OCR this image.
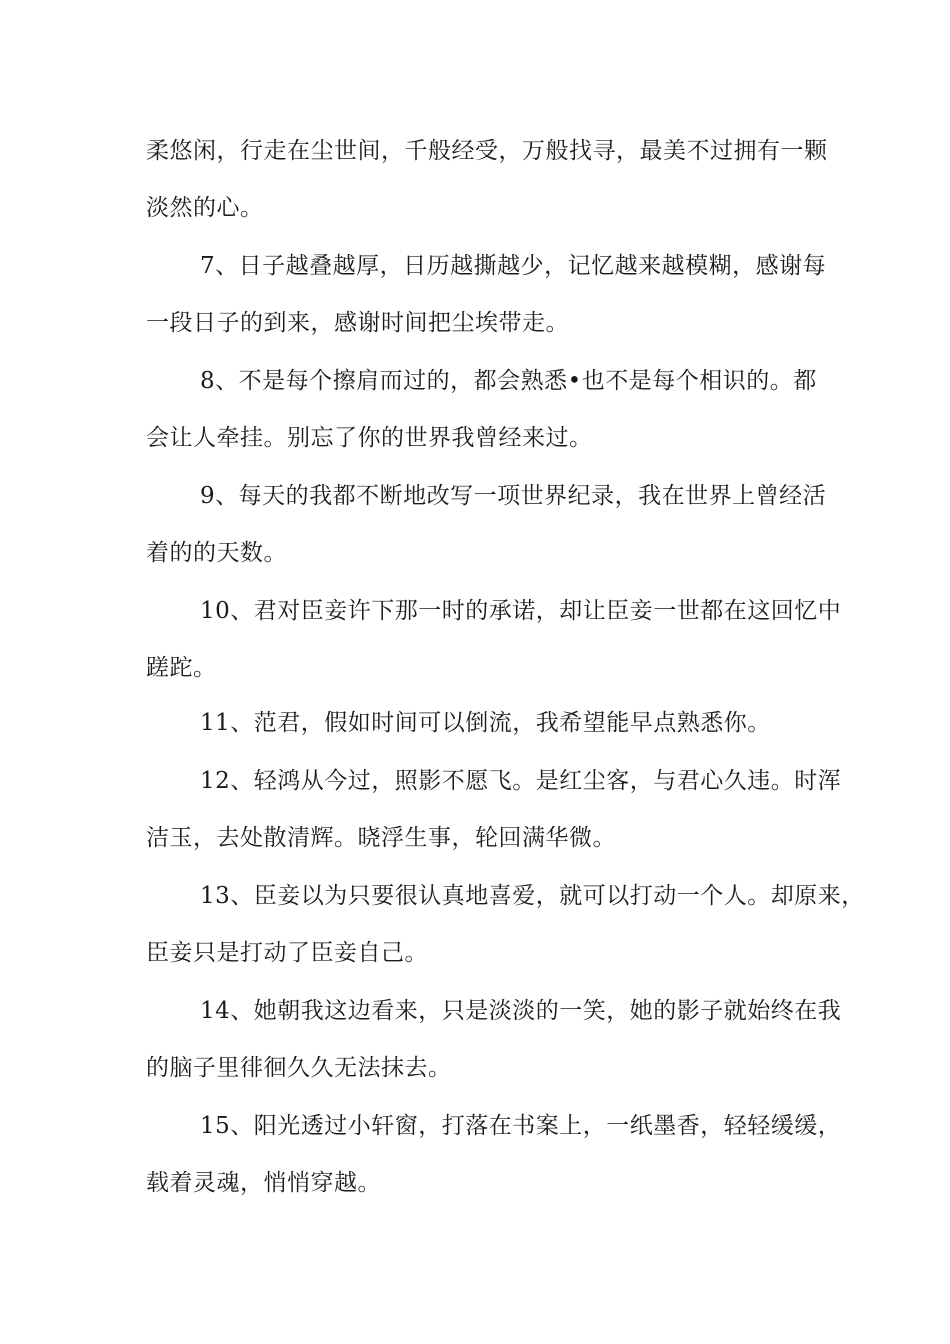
柔悠闲，行走在尘世间，千般经受，万般找寻，最美不过拥有一颗

淡然的心。

7、日子越叠越厚，日历越撕越少，记忆越来越模糊，感谢每

一段日子的到来，感谢时间把尘埃带走。

8、不是每个擦肩而过的，都会熟悉•也不是每个相识的。都

会让人牵挂。别忘了你的世界我曾经来过。

9、每天的我都不断地改写一项世界纪录，我在世界上曾经活

着的的天数。

10、君对臣妾许下那一时的承诺，却让臣妾一世都在这回忆中

蹉跎。

11、范君，假如时间可以倒流，我希望能早点熟悉你。

12、轻鸿从今过，照影不愿飞。是红尘客，与君心久违。时浑

洁玉，去处散清辉。晓浮生事，轮回满华微。

13、臣妾以为只要很认真地喜爱，就可以打动一个人。却原来，

臣妾只是打动了臣妾自己。

14、她朝我这边看来，只是淡淡的一笑，她的影子就始终在我

的脑子里徘徊久久无法抹去。

15、阳光透过小轩窗，打落在书案上，一纸墨香，轻轻缓缓，

载着灵魂，悄悄穿越。
